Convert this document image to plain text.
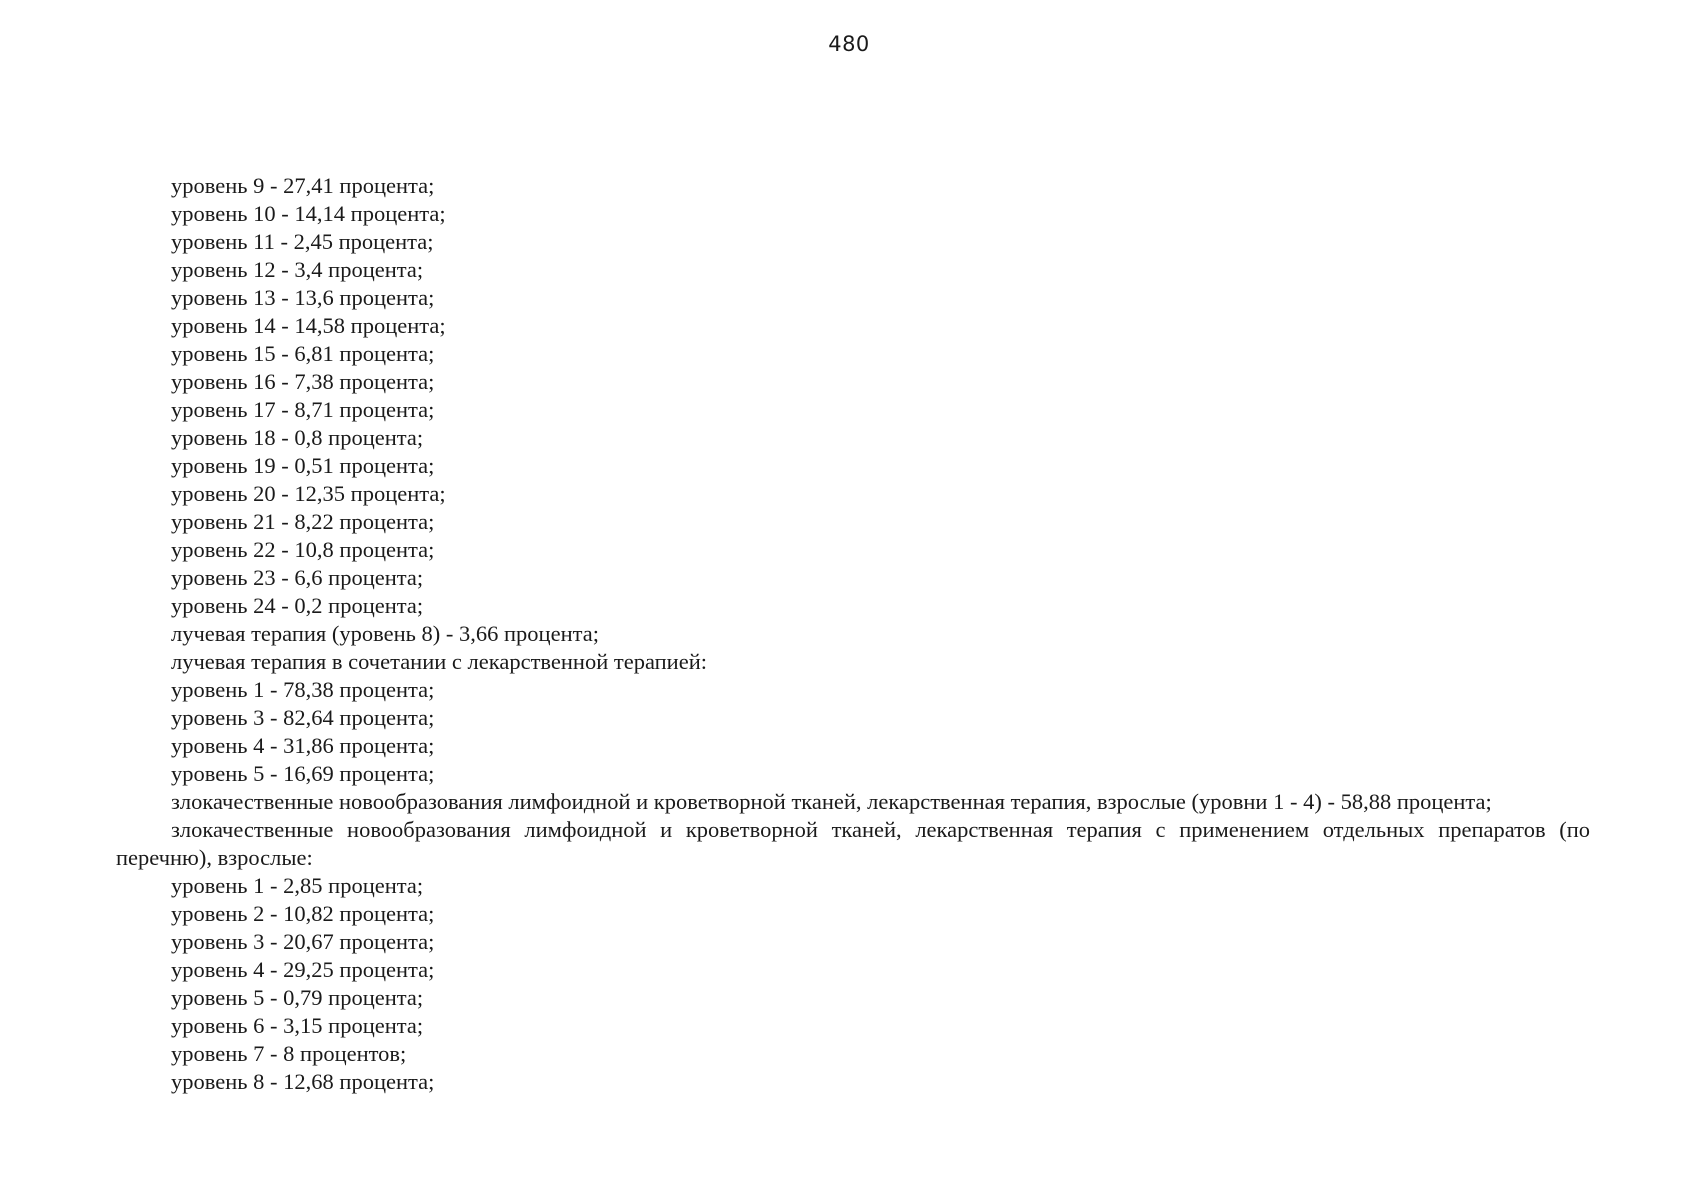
480

уровень 9 - 27,41 процента;

уровень 10 - 14,14 процента;

уровень 11 - 2,45 процента;

уровень 12 - 3,4 процента;

уровень 13 - 13,6 процента;

уровень 14 - 14,58 процента;

уровень 15 - 6,81 процента;

уровень 16 - 7,38 процента;

уровень 17 - 8,71 процента;

уровень 18 - 0,8 процента;

уровень 19 - 0,51 процента;

уровень 20 - 12,35 процента;

уровень 21 - 8,22 процента;

уровень 22 - 10,8 процента;

уровень 23 - 6,6 процента;

уровень 24 - 0,2 процента;

лучевая терапия (уровень 8) - 3,66 процента;

лучевая терапия в сочетании с лекарственной терапией:

уровень 1 - 78,38 процента;

уровень 3 - 82,64 процента;

уровень 4 - 31,86 процента;

уровень 5 - 16,69 процента;

злокачественные новообразования лимфоидной и кроветворной тканей, лекарственная терапия, взрослые (уровни 1 - 4) - 58,88 процента;

злокачественные новообразования лимфоидной и кроветворной тканей, лекарственная терапия с применением отдельных препаратов (по перечню), взрослые:

уровень 1 - 2,85 процента;

уровень 2 - 10,82 процента;

уровень 3 - 20,67 процента;

уровень 4 - 29,25 процента;

уровень 5 - 0,79 процента;

уровень 6 - 3,15 процента;

уровень 7 - 8 процентов;

уровень 8 - 12,68 процента;
